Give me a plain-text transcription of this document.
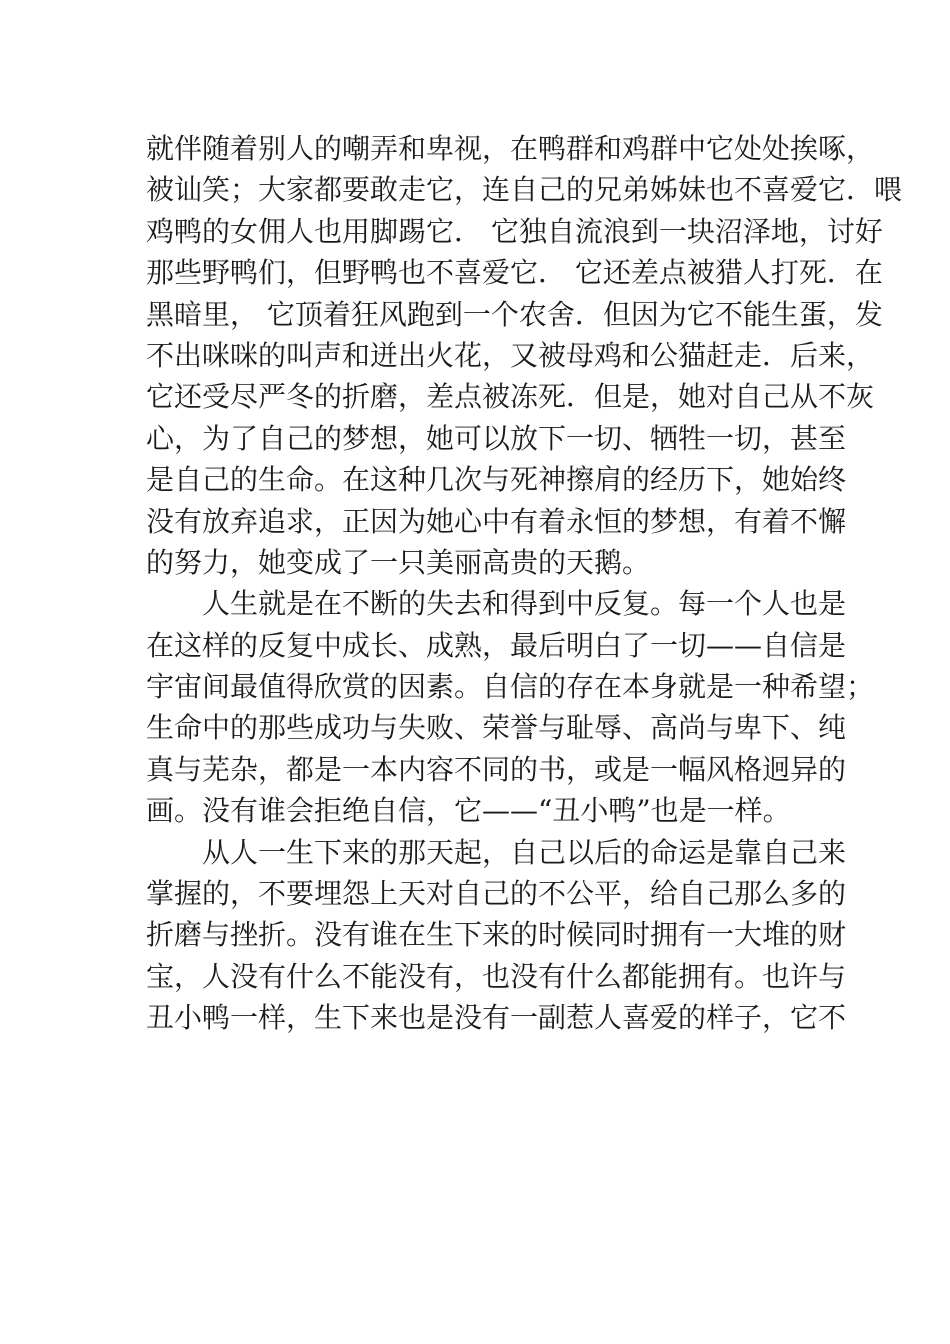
就伴随着别人的嘲弄和卑视，在鸭群和鸡群中它处处挨啄，
被讪笑；大家都要敢走它，连自己的兄弟姊妹也不喜爱它．喂
鸡鸭的女佣人也用脚踢它． 它独自流浪到一块沼泽地，讨好
那些野鸭们，但野鸭也不喜爱它． 它还差点被猎人打死．在
黑暗里， 它顶着狂风跑到一个农舍．但因为它不能生蛋，发
不出咪咪的叫声和迸出火花，又被母鸡和公猫赶走．后来，
它还受尽严冬的折磨，差点被冻死．但是，她对自己从不灰
心，为了自己的梦想，她可以放下一切、牺牲一切，甚至
是自己的生命。在这种几次与死神擦肩的经历下，她始终
没有放弃追求，正因为她心中有着永恒的梦想，有着不懈
的努力，她变成了一只美丽高贵的天鹅。
人生就是在不断的失去和得到中反复。每一个人也是
在这样的反复中成长、成熟，最后明白了一切——自信是
宇宙间最值得欣赏的因素。自信的存在本身就是一种希望；
生命中的那些成功与失败、荣誉与耻辱、高尚与卑下、纯
真与芜杂，都是一本内容不同的书，或是一幅风格迥异的
画。没有谁会拒绝自信，它——“丑小鸭”也是一样。
从人一生下来的那天起，自己以后的命运是靠自己来
掌握的，不要埋怨上天对自己的不公平，给自己那么多的
折磨与挫折。没有谁在生下来的时候同时拥有一大堆的财
宝，人没有什么不能没有，也没有什么都能拥有。也许与
丑小鸭一样，生下来也是没有一副惹人喜爱的样子，它不
